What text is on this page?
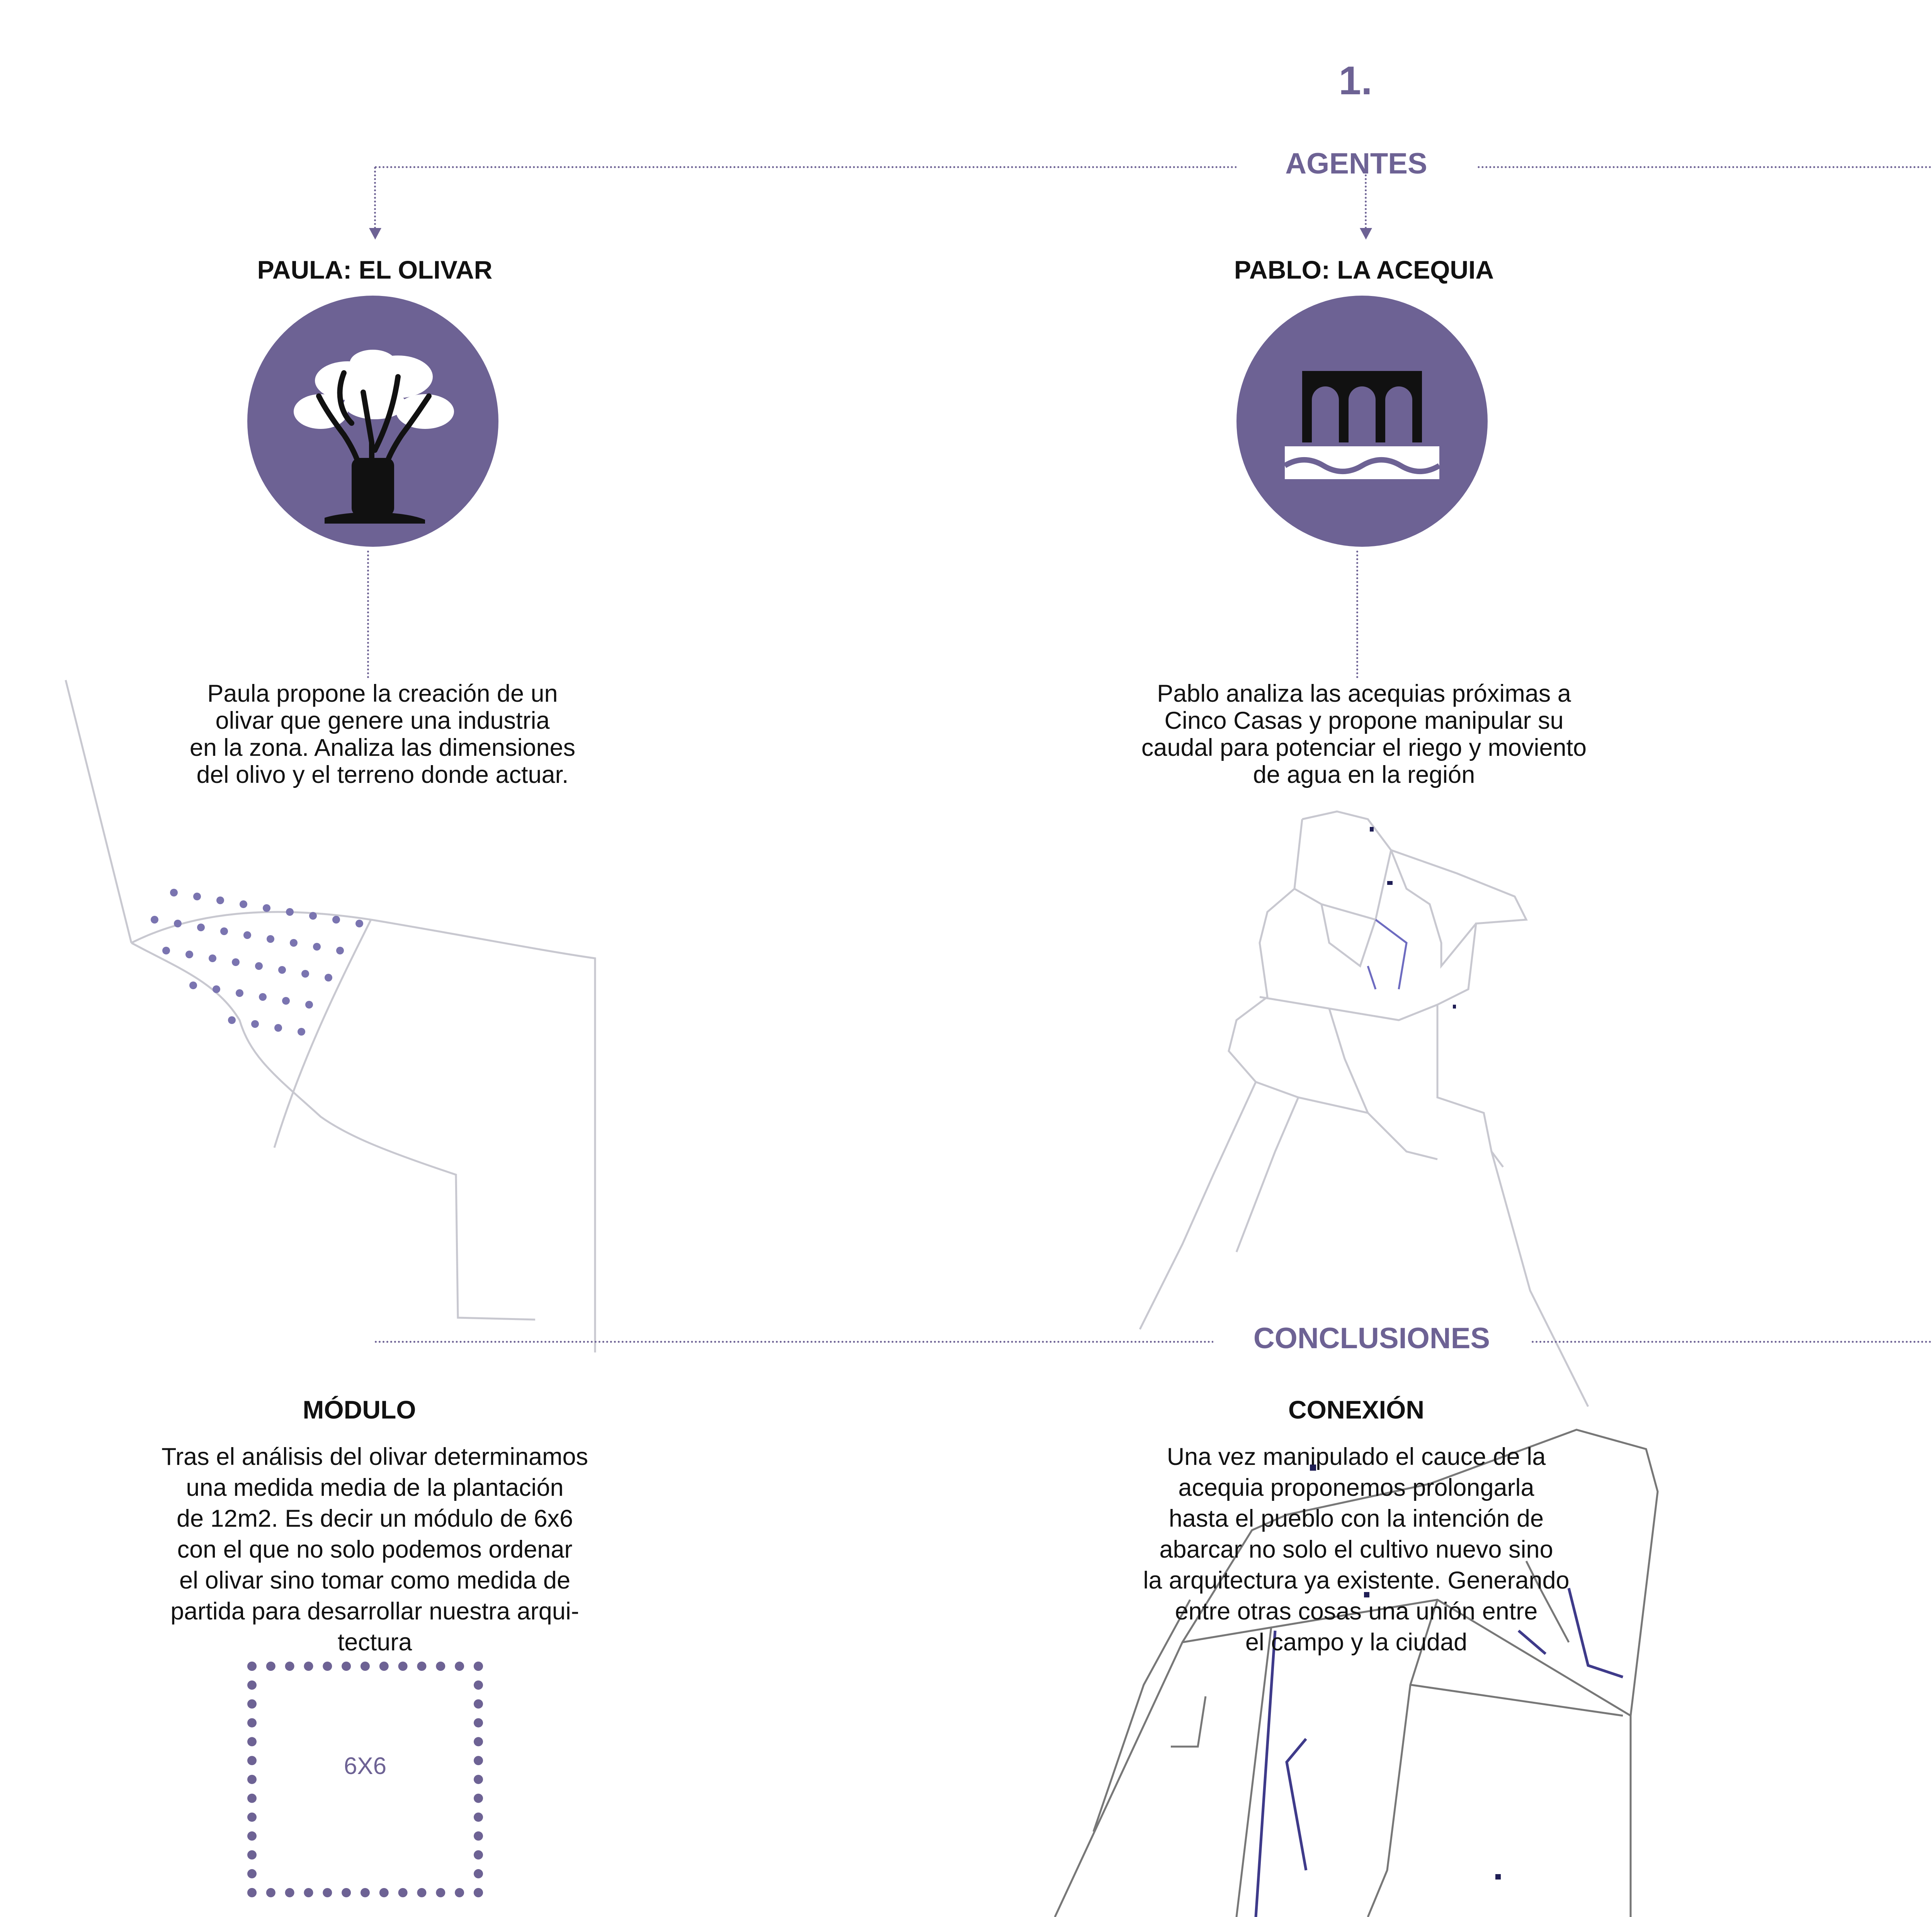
1.
AGENTES
PAULA: EL OLIVAR
Paula propone la creación de un
olivar que genere una industria
en la zona. Analiza las dimensiones
del olivo y el terreno donde actuar.
PABLO: LA ACEQUIA
Pablo analiza las acequias próximas a
Cinco Casas y propone manipular su
caudal para potenciar el riego y moviento
de agua en la región
CONCLUSIONES
MÓDULO
Tras el análisis del olivar determinamos
una medida media de la plantación
de 12m2. Es decir un módulo de 6x6
con el que no solo podemos ordenar
el olivar sino tomar como medida de
partida para desarrollar nuestra arqui-
tectura
6X6
CONEXIÓN
Una vez manipulado el cauce de la
acequia proponemos prolongarla
hasta el pueblo con la intención de
abarcar no solo el cultivo nuevo sino
la arquitectura ya existente. Generando
entre otras cosas una unión entre
el campo y la ciudad
